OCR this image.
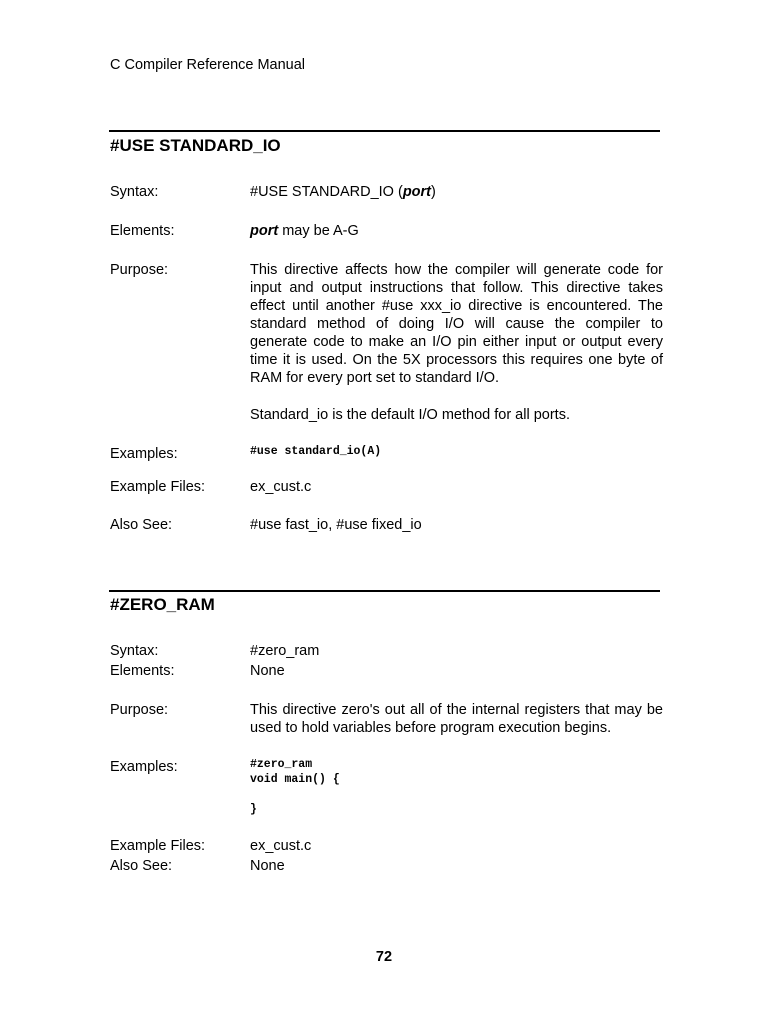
C Compiler Reference Manual
#USE STANDARD_IO
Syntax:	#USE STANDARD_IO (port)
Elements:	port may be A-G
Purpose:	This directive affects how the compiler will generate code for input and output instructions that follow. This directive takes effect until another #use xxx_io directive is encountered. The standard method of doing I/O will cause the compiler to generate code to make an I/O pin either input or output every time it is used. On the 5X processors this requires one byte of RAM for every port set to standard I/O.
Standard_io is the default I/O method for all ports.
Examples:	#use standard_io(A)
Example Files:	ex_cust.c
Also See:	#use fast_io, #use fixed_io
#ZERO_RAM
Syntax:	#zero_ram
Elements:	None
Purpose:	This directive zero's out all of the internal registers that may be used to hold variables before program execution begins.
Examples:	#zero_ram
void main() {

}
Example Files:	ex_cust.c
Also See:	None
72
